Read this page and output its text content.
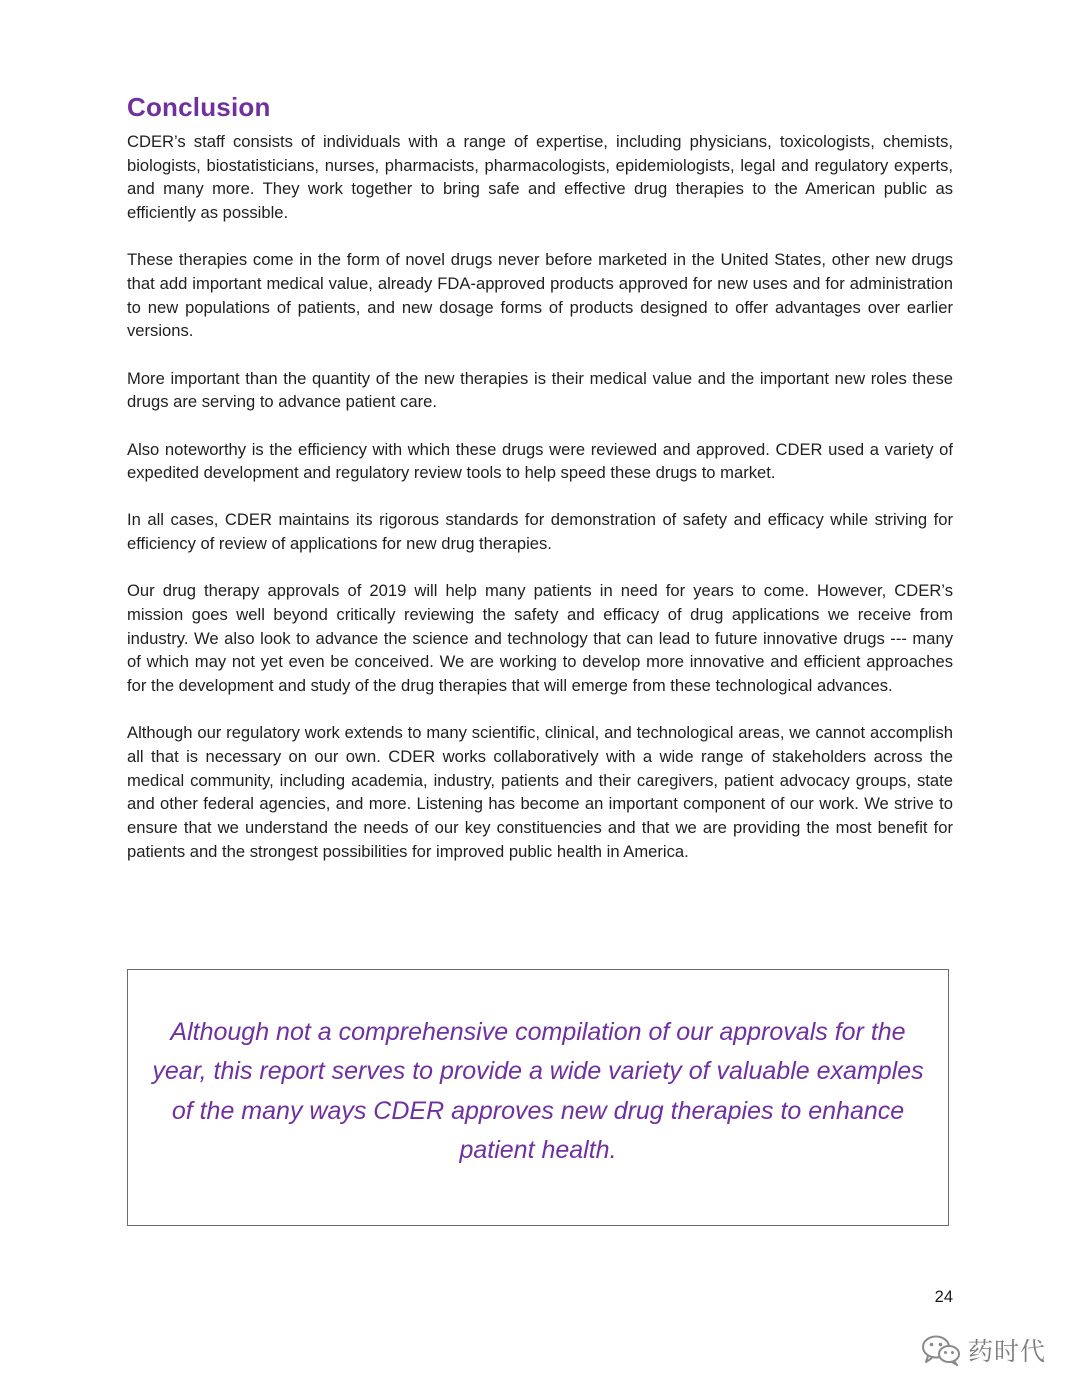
Conclusion

CDER’s staff consists of individuals with a range of expertise, including physicians, toxicologists, chemists, biologists, biostatisticians, nurses, pharmacists, pharmacologists, epidemiologists, legal and regulatory experts, and many more. They work together to bring safe and effective drug therapies to the American public as efficiently as possible.

These therapies come in the form of novel drugs never before marketed in the United States, other new drugs that add important medical value, already FDA-approved products approved for new uses and for administration to new populations of patients, and new dosage forms of products designed to offer advantages over earlier versions.

More important than the quantity of the new therapies is their medical value and the important new roles these drugs are serving to advance patient care.

Also noteworthy is the efficiency with which these drugs were reviewed and approved. CDER used a variety of expedited development and regulatory review tools to help speed these drugs to market.

In all cases, CDER maintains its rigorous standards for demonstration of safety and efficacy while striving for efficiency of review of applications for new drug therapies.

Our drug therapy approvals of 2019 will help many patients in need for years to come. However, CDER’s mission goes well beyond critically reviewing the safety and efficacy of drug applications we receive from industry. We also look to advance the science and technology that can lead to future innovative drugs --- many of which may not yet even be conceived. We are working to develop more innovative and efficient approaches for the development and study of the drug therapies that will emerge from these technological advances.

Although our regulatory work extends to many scientific, clinical, and technological areas, we cannot accomplish all that is necessary on our own. CDER works collaboratively with a wide range of stakeholders across the medical community, including academia, industry, patients and their caregivers, patient advocacy groups, state and other federal agencies, and more. Listening has become an important component of our work. We strive to ensure that we understand the needs of our key constituencies and that we are providing the most benefit for patients and the strongest possibilities for improved public health in America.

Although not a comprehensive compilation of our approvals for the year, this report serves to provide a wide variety of valuable examples of the many ways CDER approves new drug therapies to enhance patient health.

24
药时代
